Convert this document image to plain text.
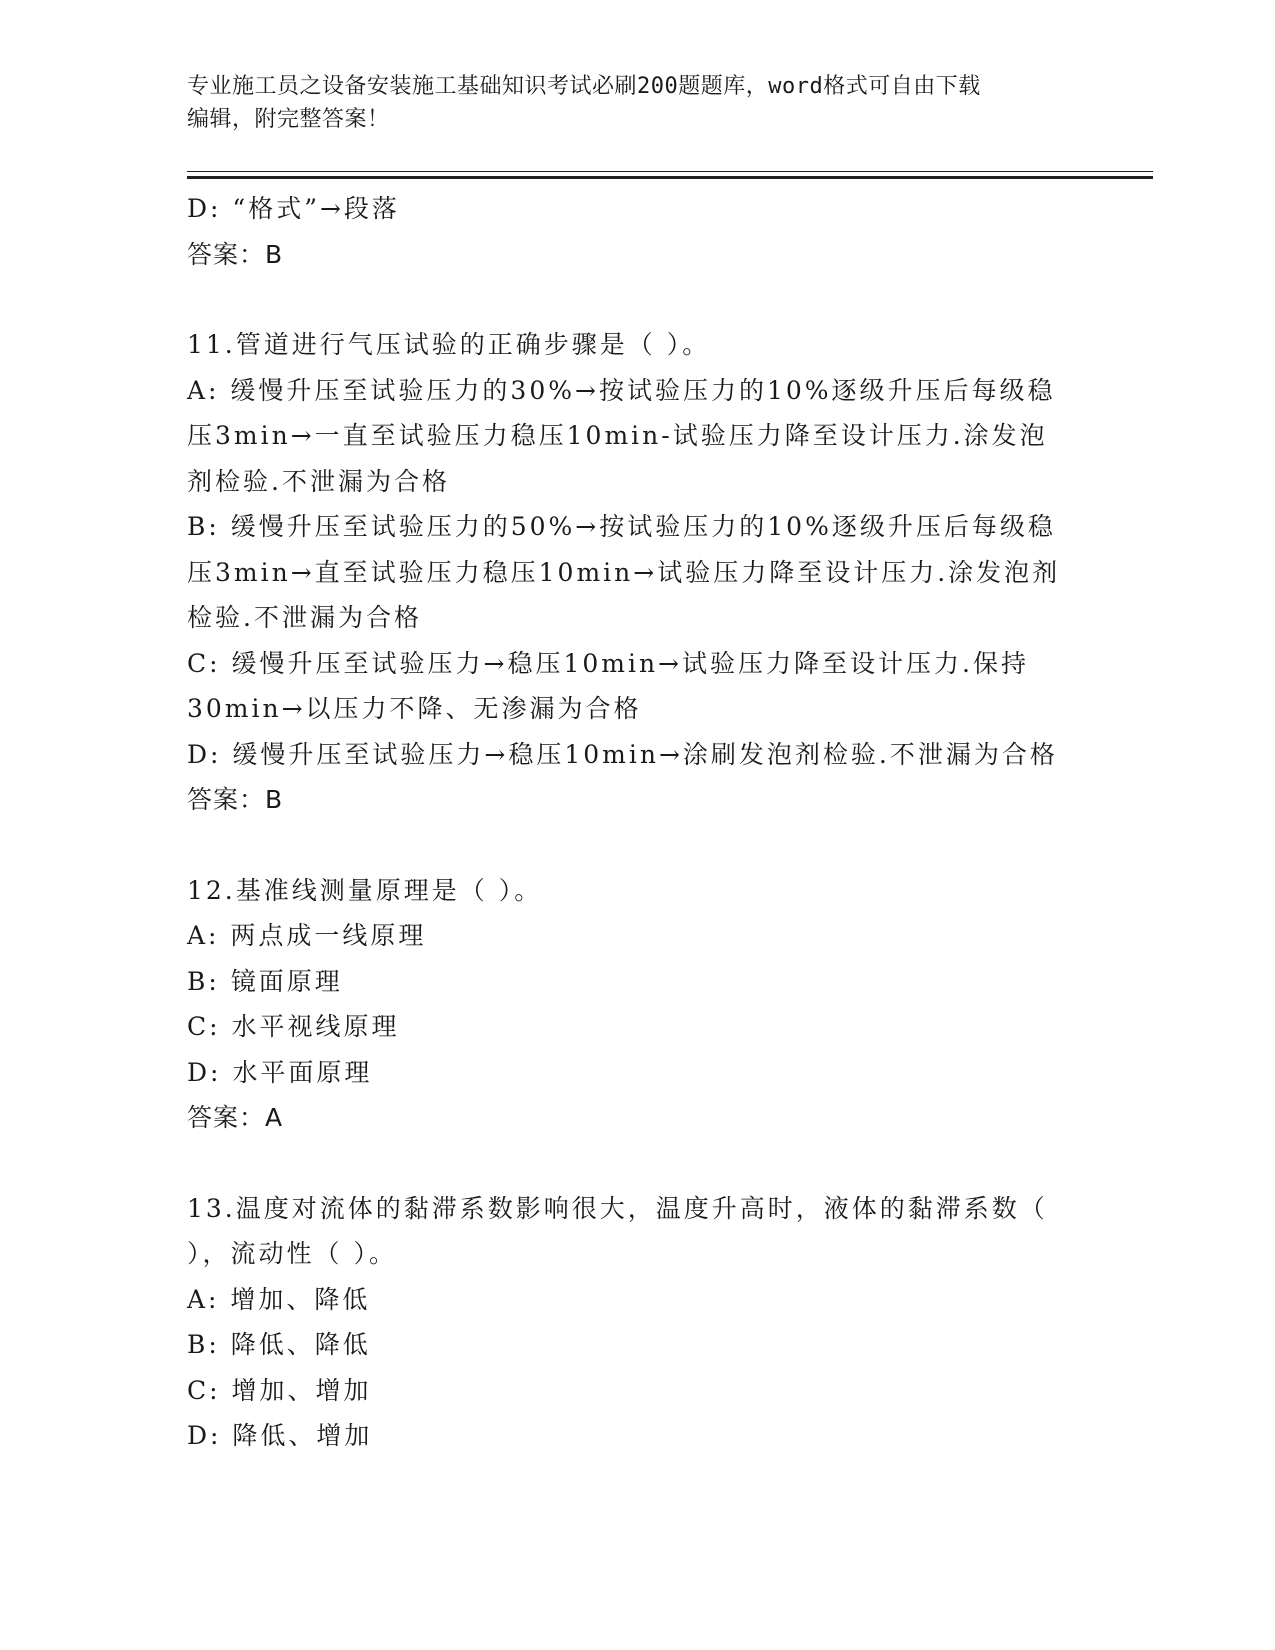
专业施工员之设备安装施工基础知识考试必刷200题题库，word格式可自由下载
编辑，附完整答案！

D: “格式”→段落

答案：B

11.管道进行气压试验的正确步骤是（ ）。

A: 缓慢升压至试验压力的30%→按试验压力的10%逐级升压后每级稳

压3min→一直至试验压力稳压10min-试验压力降至设计压力.涂发泡

剂检验.不泄漏为合格

B: 缓慢升压至试验压力的50%→按试验压力的10%逐级升压后每级稳

压3min→直至试验压力稳压10min→试验压力降至设计压力.涂发泡剂

检验.不泄漏为合格

C: 缓慢升压至试验压力→稳压10min→试验压力降至设计压力.保持

30min→以压力不降、无渗漏为合格

D: 缓慢升压至试验压力→稳压10min→涂刷发泡剂检验.不泄漏为合格

答案：B

12.基准线测量原理是（ ）。

A: 两点成一线原理

B: 镜面原理

C: 水平视线原理

D: 水平面原理

答案：A

13.温度对流体的黏滞系数影响很大，温度升高时，液体的黏滞系数（

），流动性（ ）。

A: 增加、降低

B: 降低、降低

C: 增加、增加

D: 降低、增加
